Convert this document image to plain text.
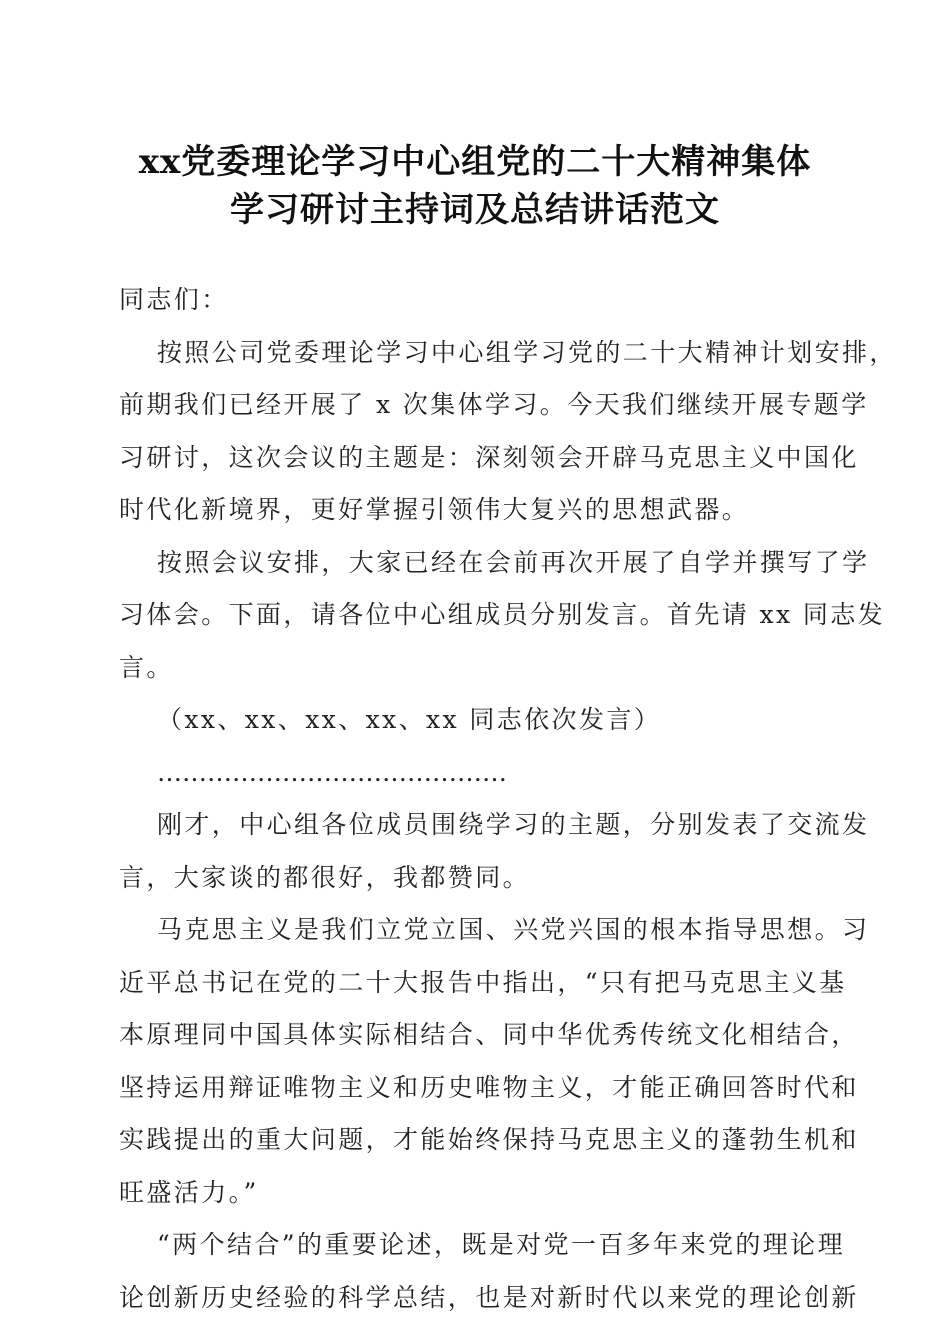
xx党委理论学习中心组党的二十大精神集体
学习研讨主持词及总结讲话范文

同志们：

按照公司党委理论学习中心组学习党的二十大精神计划安排，
前期我们已经开展了 x 次集体学习。今天我们继续开展专题学
习研讨，这次会议的主题是：深刻领会开辟马克思主义中国化
时代化新境界，更好掌握引领伟大复兴的思想武器。

按照会议安排，大家已经在会前再次开展了自学并撰写了学
习体会。下面，请各位中心组成员分别发言。首先请 xx 同志发
言。

（xx、xx、xx、xx、xx 同志依次发言）

……………………………………

刚才，中心组各位成员围绕学习的主题，分别发表了交流发
言，大家谈的都很好，我都赞同。

马克思主义是我们立党立国、兴党兴国的根本指导思想。习
近平总书记在党的二十大报告中指出，“只有把马克思主义基
本原理同中国具体实际相结合、同中华优秀传统文化相结合，
坚持运用辩证唯物主义和历史唯物主义，才能正确回答时代和
实践提出的重大问题，才能始终保持马克思主义的蓬勃生机和
旺盛活力。”

“两个结合”的重要论述，既是对党一百多年来党的理论理
论创新历史经验的科学总结，也是对新时代以来党的理论创新
